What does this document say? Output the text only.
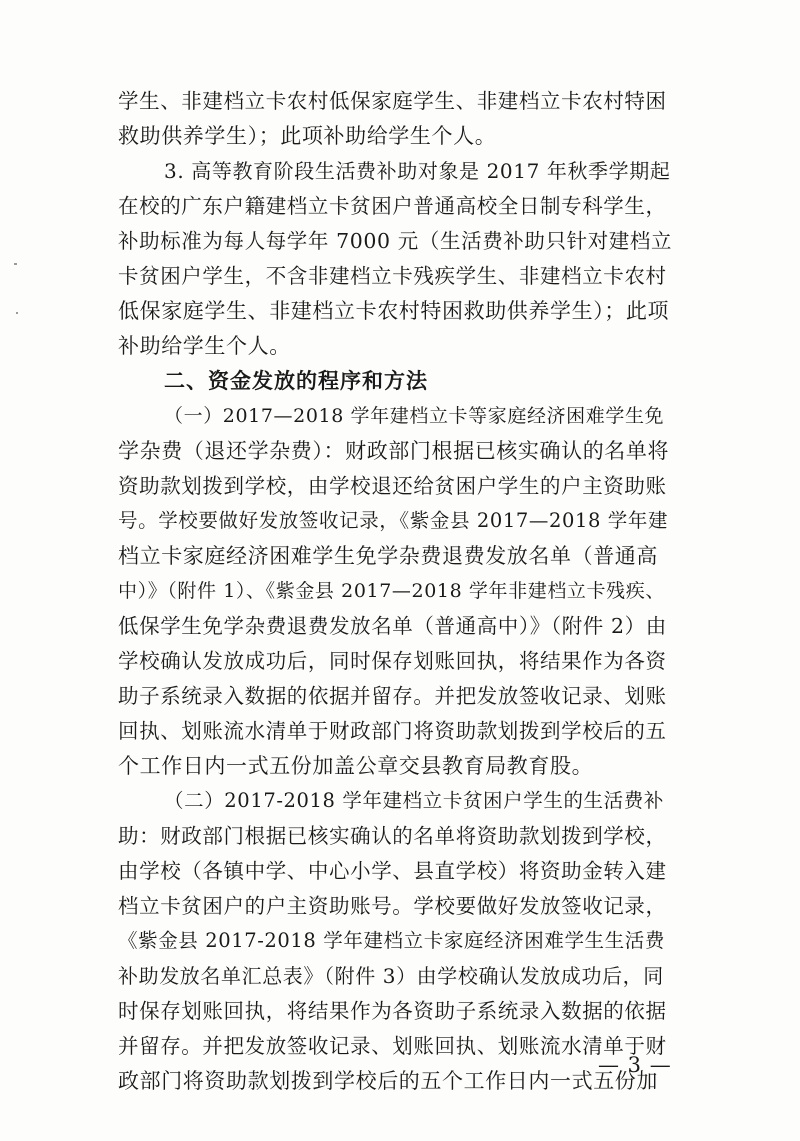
学生、非建档立卡农村低保家庭学生、非建档立卡农村特困
救助供养学生）；此项补助给学生个人。
3. 高等教育阶段生活费补助对象是 2017 年秋季学期起
在校的广东户籍建档立卡贫困户普通高校全日制专科学生，
补助标准为每人每学年 7000 元（生活费补助只针对建档立
卡贫困户学生，不含非建档立卡残疾学生、非建档立卡农村
低保家庭学生、非建档立卡农村特困救助供养学生）；此项
补助给学生个人。
二、资金发放的程序和方法
（一）2017—2018 学年建档立卡等家庭经济困难学生免
学杂费（退还学杂费）：财政部门根据已核实确认的名单将
资助款划拨到学校，由学校退还给贫困户学生的户主资助账
号。学校要做好发放签收记录，《紫金县 2017—2018 学年建
档立卡家庭经济困难学生免学杂费退费发放名单（普通高
中）》（附件 1）、《紫金县 2017—2018 学年非建档立卡残疾、
低保学生免学杂费退费发放名单（普通高中）》（附件 2）由
学校确认发放成功后，同时保存划账回执，将结果作为各资
助子系统录入数据的依据并留存。并把发放签收记录、划账
回执、划账流水清单于财政部门将资助款划拨到学校后的五
个工作日内一式五份加盖公章交县教育局教育股。
（二）2017-2018 学年建档立卡贫困户学生的生活费补
助：财政部门根据已核实确认的名单将资助款划拨到学校，
由学校（各镇中学、中心小学、县直学校）将资助金转入建
档立卡贫困户的户主资助账号。学校要做好发放签收记录，
《紫金县 2017-2018 学年建档立卡家庭经济困难学生生活费
补助发放名单汇总表》（附件 3）由学校确认发放成功后，同
时保存划账回执，将结果作为各资助子系统录入数据的依据
并留存。并把发放签收记录、划账回执、划账流水清单于财
政部门将资助款划拨到学校后的五个工作日内一式五份加
— 3 —
